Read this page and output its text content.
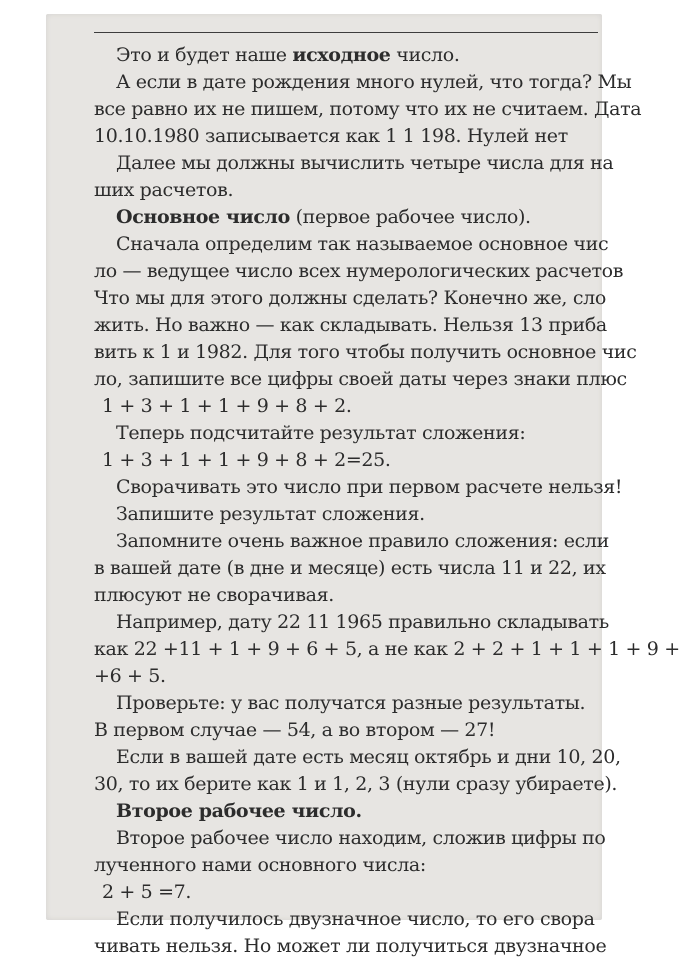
Это и будет наше исходное число.
А если в дате рождения много нулей, что тогда? Мы
все равно их не пишем, потому что их не считаем. Дата
10.10.1980 записывается как 1 1 198. Нулей нет
Далее мы должны вычислить четыре числа для на
ших расчетов.
Основное число (первое рабочее число).
Сначала определим так называемое основное чис
ло — ведущее число всех нумерологических расчетов
Что мы для этого должны сделать? Конечно же, сло
жить. Но важно — как складывать. Нельзя 13 приба
вить к 1 и 1982. Для того чтобы получить основное чис
ло, запишите все цифры своей даты через знаки плюс
1 + 3 + 1 + 1 + 9 + 8 + 2.
Теперь подсчитайте результат сложения:
1 + 3 + 1 + 1 + 9 + 8 + 2=25.
Сворачивать это число при первом расчете нельзя!
Запишите результат сложения.
Запомните очень важное правило сложения: если
в вашей дате (в дне и месяце) есть числа 11 и 22, их
плюсуют не сворачивая.
Например, дату 22 11 1965 правильно складывать
как 22 +11 + 1 + 9 + 6 + 5, а не как 2 + 2 + 1 + 1 + 1 + 9 +
+6 + 5.
Проверьте: у вас получатся разные результаты.
В первом случае — 54, а во втором — 27!
Если в вашей дате есть месяц октябрь и дни 10, 20,
30, то их берите как 1 и 1, 2, 3 (нули сразу убираете).
Второе рабочее число.
Второе рабочее число находим, сложив цифры по
лученного нами основного числа:
2 + 5 =7.
Если получилось двузначное число, то его свора
чивать нельзя. Но может ли получиться двузначное
